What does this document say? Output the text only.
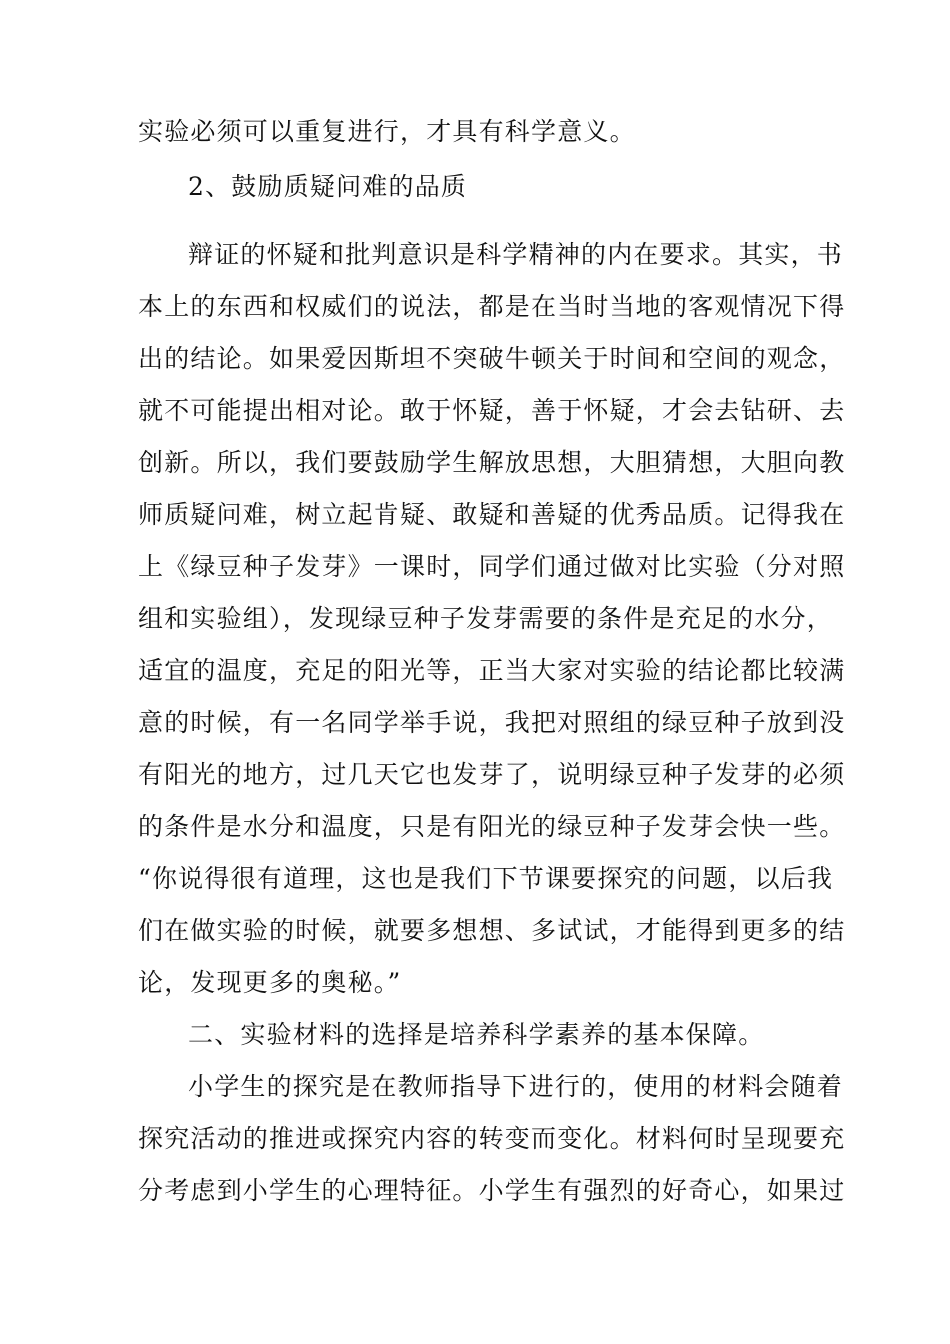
实验必须可以重复进行，才具有科学意义。
2、鼓励质疑问难的品质
辩证的怀疑和批判意识是科学精神的内在要求。其实，书
本上的东西和权威们的说法，都是在当时当地的客观情况下得
出的结论。如果爱因斯坦不突破牛顿关于时间和空间的观念，
就不可能提出相对论。敢于怀疑，善于怀疑，才会去钻研、去
创新。所以，我们要鼓励学生解放思想，大胆猜想，大胆向教
师质疑问难，树立起肯疑、敢疑和善疑的优秀品质。记得我在
上《绿豆种子发芽》一课时，同学们通过做对比实验（分对照
组和实验组），发现绿豆种子发芽需要的条件是充足的水分，
适宜的温度，充足的阳光等，正当大家对实验的结论都比较满
意的时候，有一名同学举手说，我把对照组的绿豆种子放到没
有阳光的地方，过几天它也发芽了，说明绿豆种子发芽的必须
的条件是水分和温度，只是有阳光的绿豆种子发芽会快一些。
“你说得很有道理，这也是我们下节课要探究的问题，以后我
们在做实验的时候，就要多想想、多试试，才能得到更多的结
论，发现更多的奥秘。”
二、实验材料的选择是培养科学素养的基本保障。
小学生的探究是在教师指导下进行的，使用的材料会随着
探究活动的推进或探究内容的转变而变化。材料何时呈现要充
分考虑到小学生的心理特征。小学生有强烈的好奇心，如果过
